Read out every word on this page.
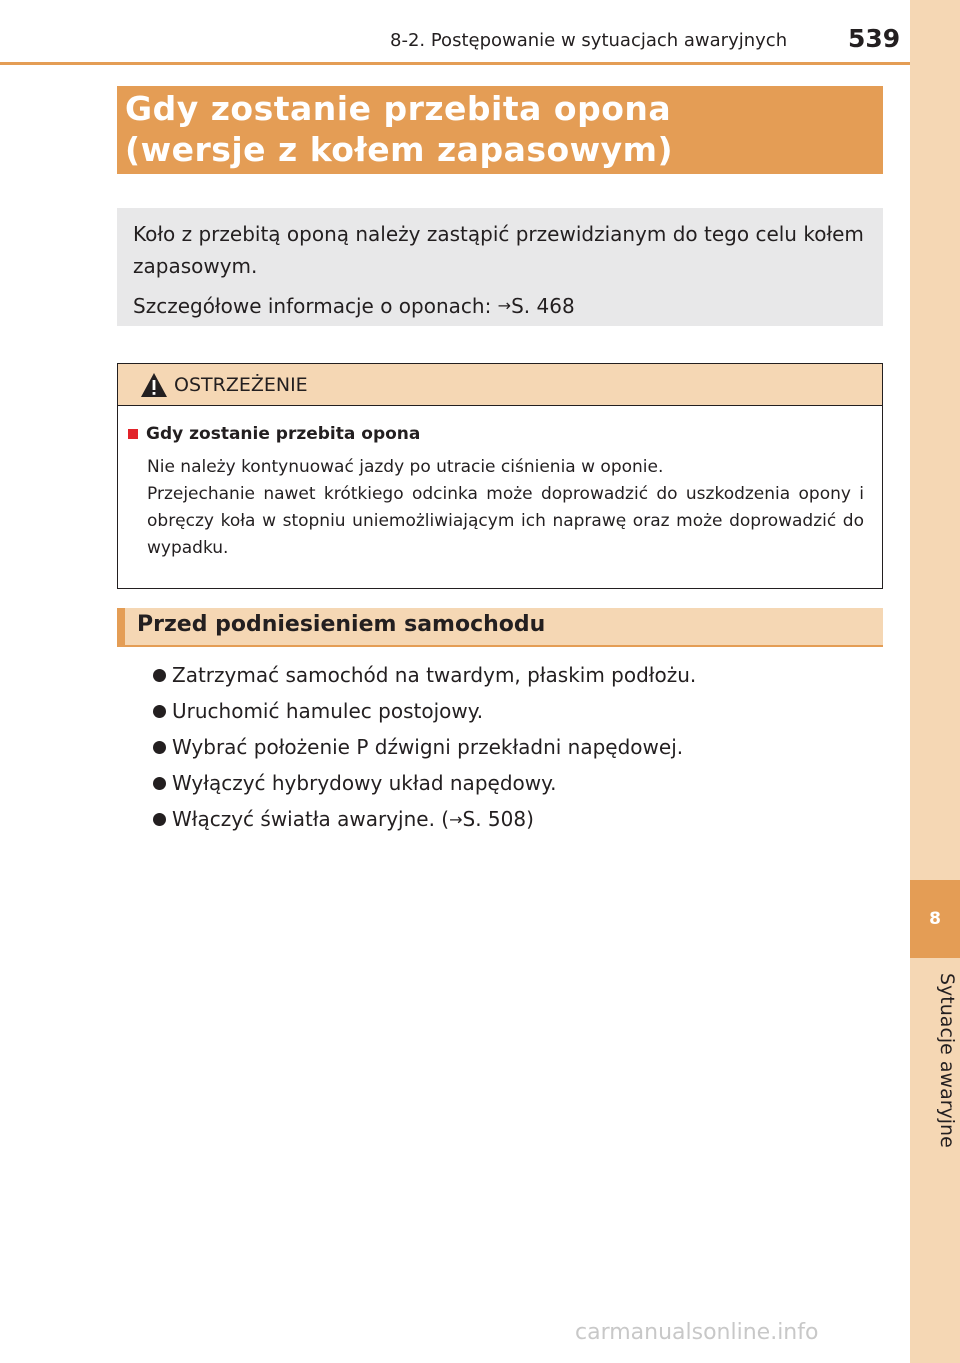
8
Sytuacje awaryjne
8-2. Postępowanie w sytuacjach awaryjnych 539
Gdy zostanie przebita opona
(wersje z kołem zapasowym)

Koło z przebitą oponą należy zastąpić przewidzianym do tego celu kołem zapasowym.

Szczegółowe informacje o oponach: →S. 468

OSTRZEŻENIE
Gdy zostanie przebita opona

Nie należy kontynuować jazdy po utracie ciśnienia w oponie.

Przejechanie nawet krótkiego odcinka może doprowadzić do uszkodzenia opony i obręczy koła w stopniu uniemożliwiającym ich naprawę oraz może doprowadzić do wypadku.

Przed podniesieniem samochodu
Zatrzymać samochód na twardym, płaskim podłożu.
Uruchomić hamulec postojowy.
Wybrać położenie P dźwigni przekładni napędowej.
Wyłączyć hybrydowy układ napędowy.
Włączyć światła awaryjne. ( → S. 508)
carmanualsonline.info
